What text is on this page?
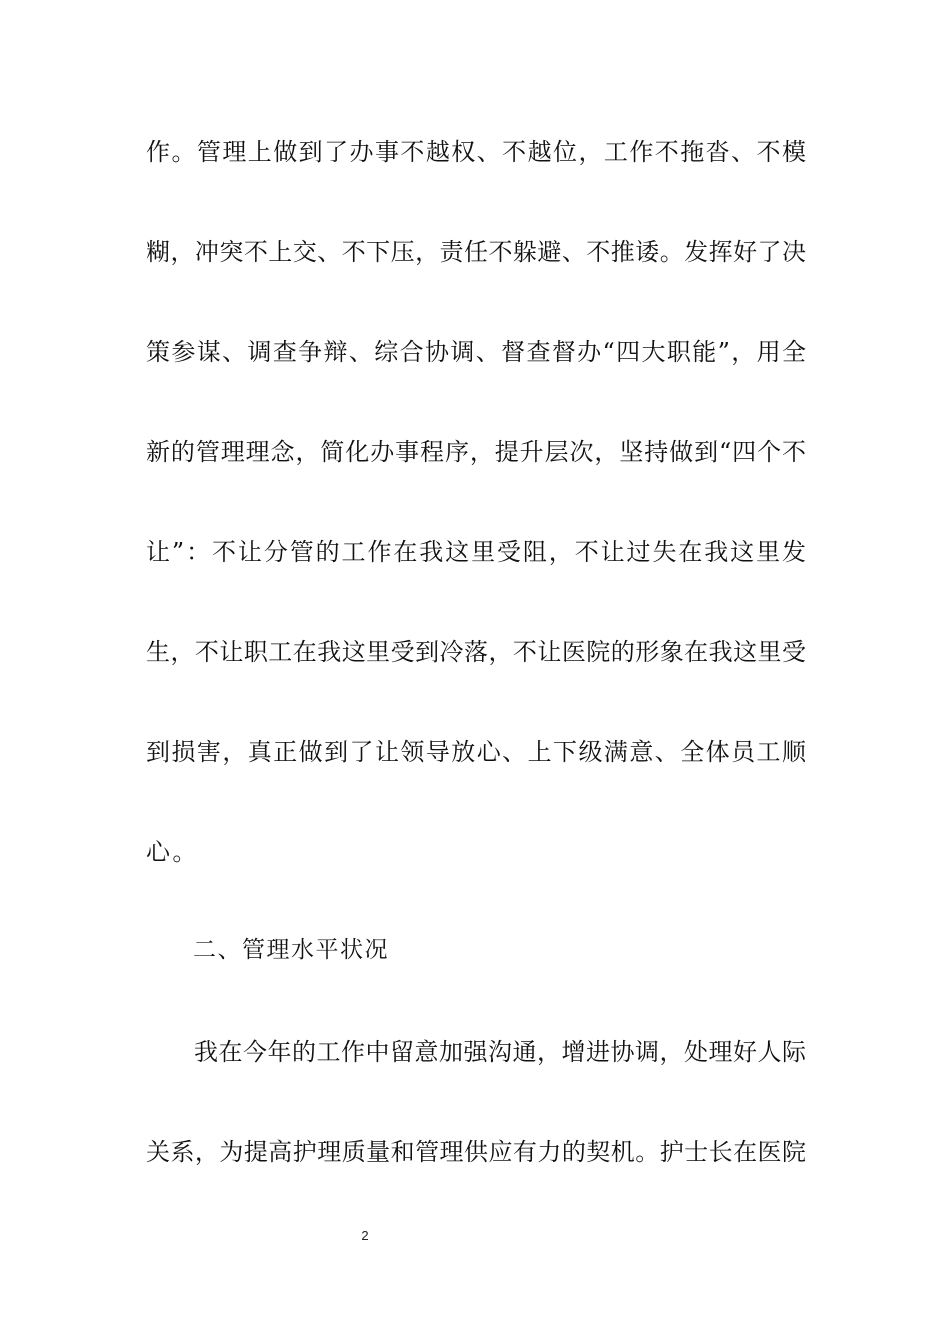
作。管理上做到了办事不越权、不越位，工作不拖沓、不模
糊，冲突不上交、不下压，责任不躲避、不推诿。发挥好了决
策参谋、调查争辩、综合协调、督查督办“四大职能”，用全
新的管理理念，简化办事程序，提升层次，坚持做到“四个不
让”：不让分管的工作在我这里受阻，不让过失在我这里发
生，不让职工在我这里受到冷落，不让医院的形象在我这里受
到损害，真正做到了让领导放心、上下级满意、全体员工顺
心。
二、管理水平状况
我在今年的工作中留意加强沟通，增进协调，处理好人际
关系，为提高护理质量和管理供应有力的契机。护士长在医院
2
